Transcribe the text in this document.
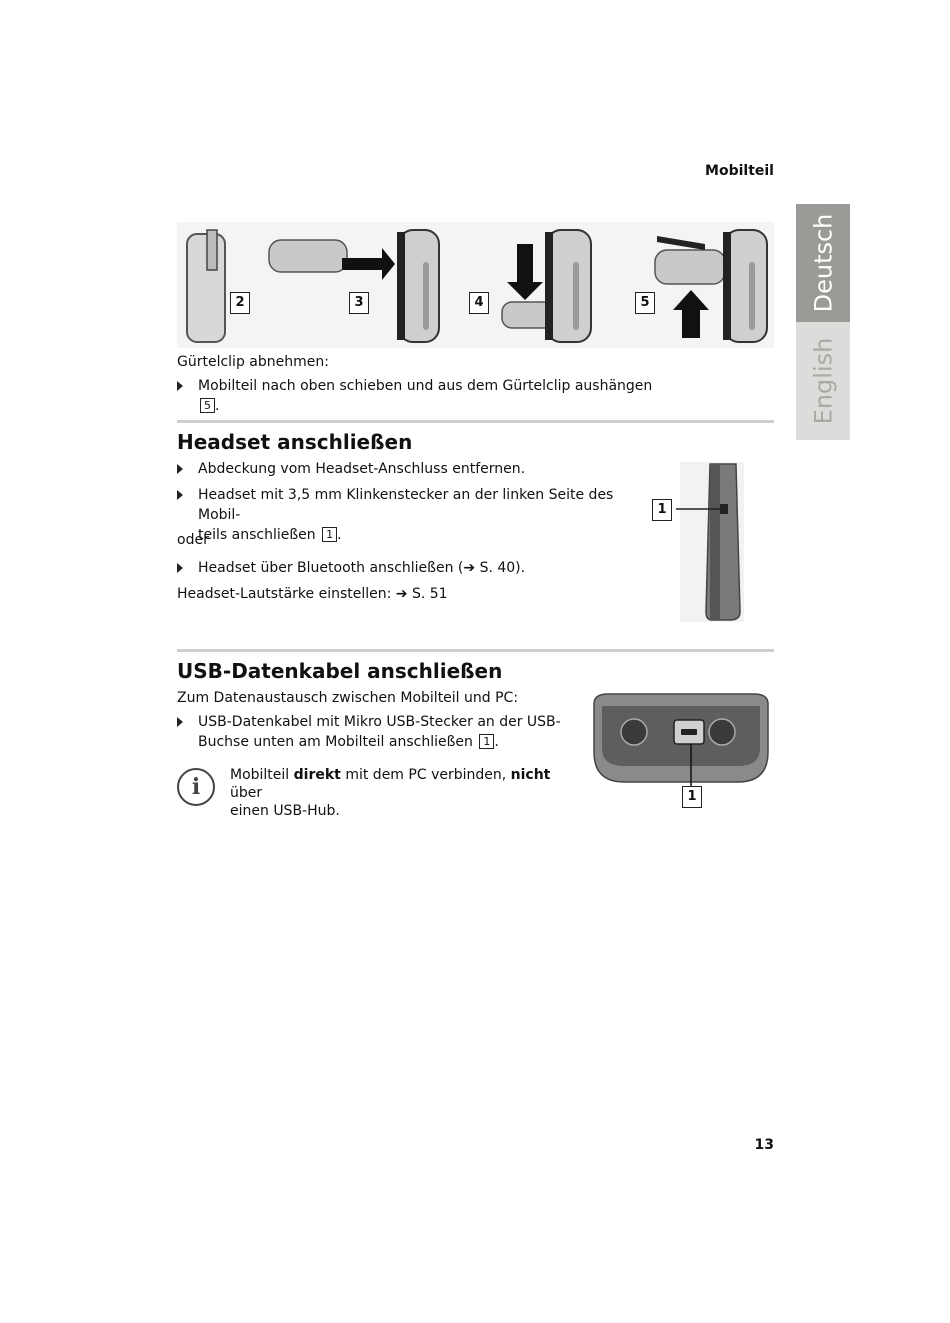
Mobilteil
Deutsch
English
2	3	4	5
Gürtelclip abnehmen:
Mobilteil nach oben schieben und aus dem Gürtelclip aushängen 5 .
Headset anschließen
Abdeckung vom Headset-Anschluss entfernen.
Headset mit 3,5 mm Klinkenstecker an der linken Seite des Mobil-
teils anschließen 1 .
oder
Headset über Bluetooth anschließen (➔ S. 40).
Headset-Lautstärke einstellen: ➔ S. 51
1
USB-Datenkabel anschließen
Zum Datenaustausch zwischen Mobilteil und PC:
USB-Datenkabel mit Mikro USB-Stecker an der USB-
Buchse unten am Mobilteil anschließen 1 .
i	Mobilteil direkt mit dem PC verbinden, nicht über
einen USB-Hub.
1
13
